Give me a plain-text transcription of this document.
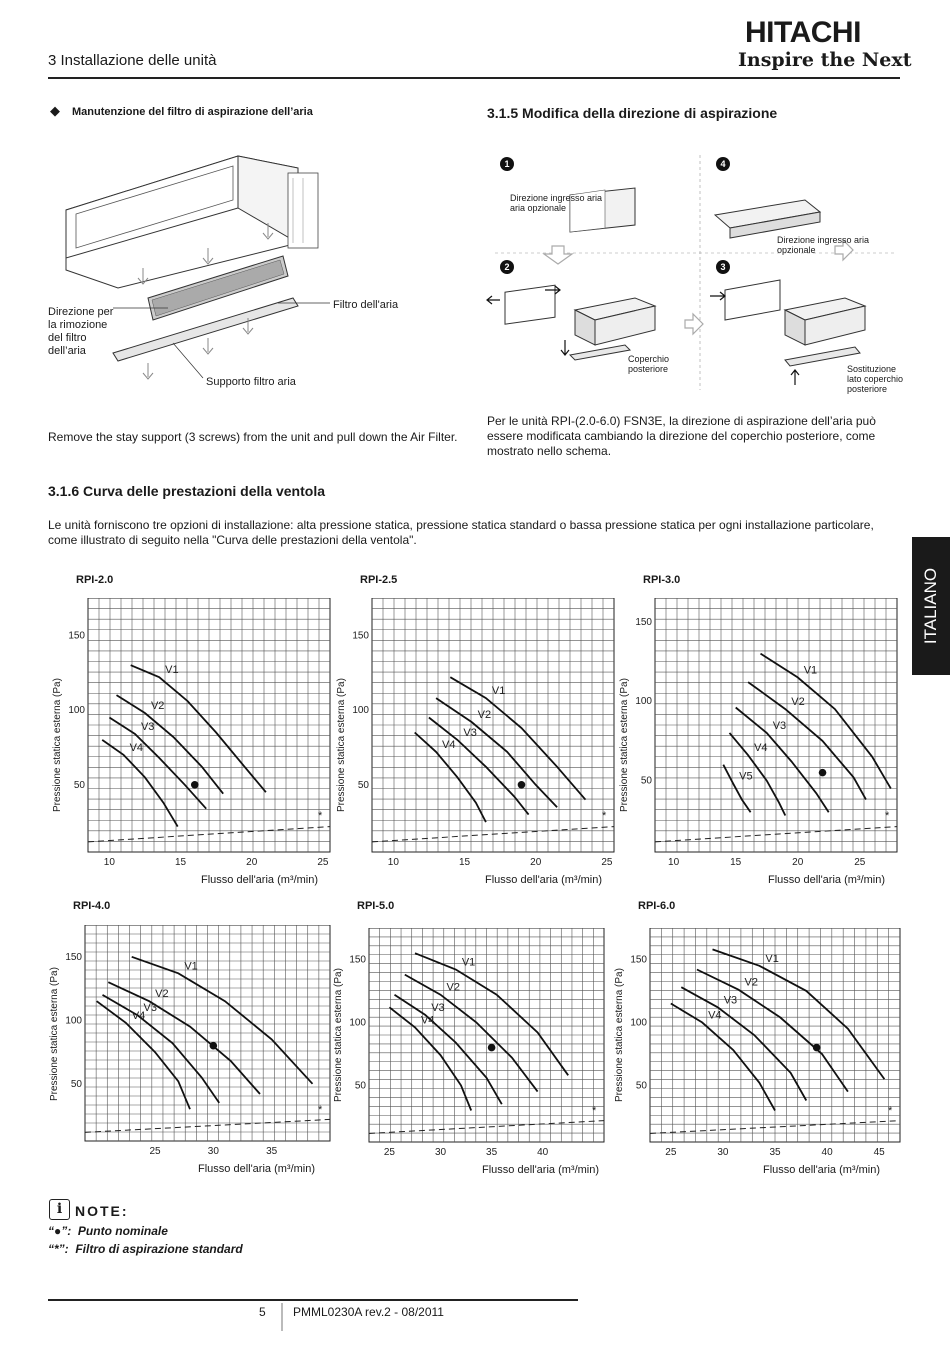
3 Installazione delle unità
HITACHI
Inspire the Next
ITALIANO
◆ Manutenzione del filtro di aspirazione dell’aria
Direzione per
la rimozione
del filtro
dell’aria
Filtro dell'aria
Supporto filtro aria
Remove the stay support (3 screws) from the unit and pull down the Air Filter.
3.1.5 Modifica della direzione di aspirazione
1
2	3
4
Direzione ingresso aria
aria opzionale
Direzione ingresso aria
opzionale
Coperchio
posteriore	Sostituzione
lato coperchio
posteriore
Per le unità RPI-(2.0-6.0) FSN3E, la direzione di aspirazione dell’aria può essere modificata cambiando la direzione del coperchio posteriore, come mostrato nello schema.
3.1.6 Curva delle prestazioni della ventola
Le unità forniscono tre opzioni di installazione: alta pressione statica, pressione statica standard o bassa pressione statica per ogni installazione particolare, come illustrato di seguito nella "Curva delle prestazioni della ventola".
RPI-2.0
Flusso dell'aria (m³/min)
Pressione statica esterna (Pa)
10	15	20	25
50
100
150
*
V1
V2
V3
V4
RPI-2.5
Flusso dell'aria (m³/min)
Pressione statica esterna (Pa)
10	15	20	25
50
100
150
*
V1
V2
V3
V4
RPI-3.0
Flusso dell'aria (m³/min)
Pressione statica esterna (Pa)
10	15	20	25
50
100
150
*
V1
V2
V3
V4
V5
RPI-4.0
Flusso dell'aria (m³/min)
Pressione statica esterna (Pa)
25	30	35
50
100
150
*
V1
V2
V3
V4
RPI-5.0
Flusso dell'aria (m³/min)
Pressione statica esterna (Pa)
25	30	35	40
50
100
150
*
V1
V2
V3
V4
RPI-6.0
Flusso dell'aria (m³/min)
Pressione statica esterna (Pa)
25	30	35	40	45
50
100
150
*
V1
V2
V3
V4
i NOTE:
“●”: Punto nominale
“*”: Filtro di aspirazione standard
5 PMML0230A rev.2 - 08/2011
